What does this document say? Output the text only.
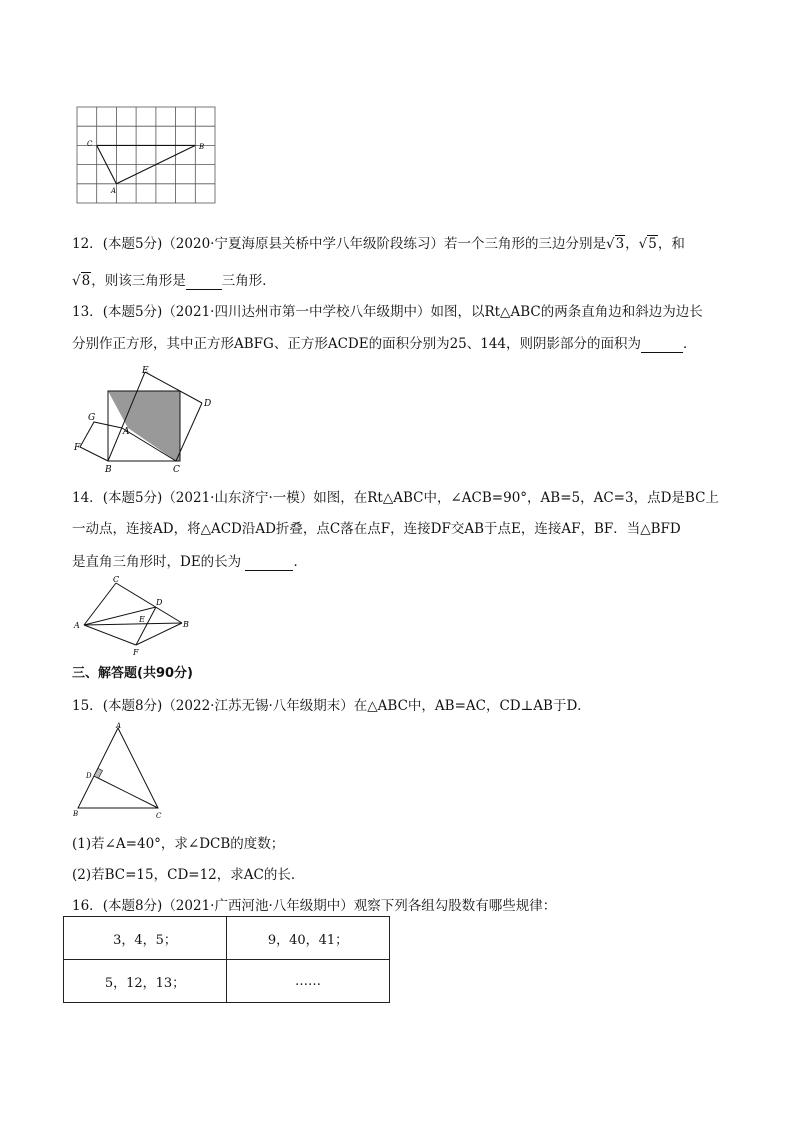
C	B
A
12．(本题5分)（2020·宁夏海原县关桥中学八年级阶段练习）若一个三角形的三边分别是√3，√5，和
√8，则该三角形是	三角形．
13．(本题5分)（2021·四川达州市第一中学校八年级期中）如图，以Rt△ABC的两条直角边和斜边为边长
分别作正方形，其中正方形ABFG、正方形ACDE的面积分别为25、144，则阴影部分的面积为	．
E
D
G
A
F
B	C
14．(本题5分)（2021·山东济宁·一模）如图，在Rt△ABC中，∠ACB=90°，AB=5，AC=3，点D是BC上
一动点，连接AD，将△ACD沿AD折叠，点C落在点F，连接DF交AB于点E，连接AF，BF．当△BFD
是直角三角形时，DE的长为	．
C
D
A
E
B
F
三、解答题(共90分)
15．(本题8分)（2022·江苏无锡·八年级期末）在△ABC中，AB=AC，CD⊥AB于D．
A
D
B	C
(1)若∠A=40°，求∠DCB的度数；
(2)若BC=15，CD=12，求AC的长．
16．(本题8分)（2021·广西河池·八年级期中）观察下列各组勾股数有哪些规律：
3，4，5；	9，40，41；
5，12，13；	……
